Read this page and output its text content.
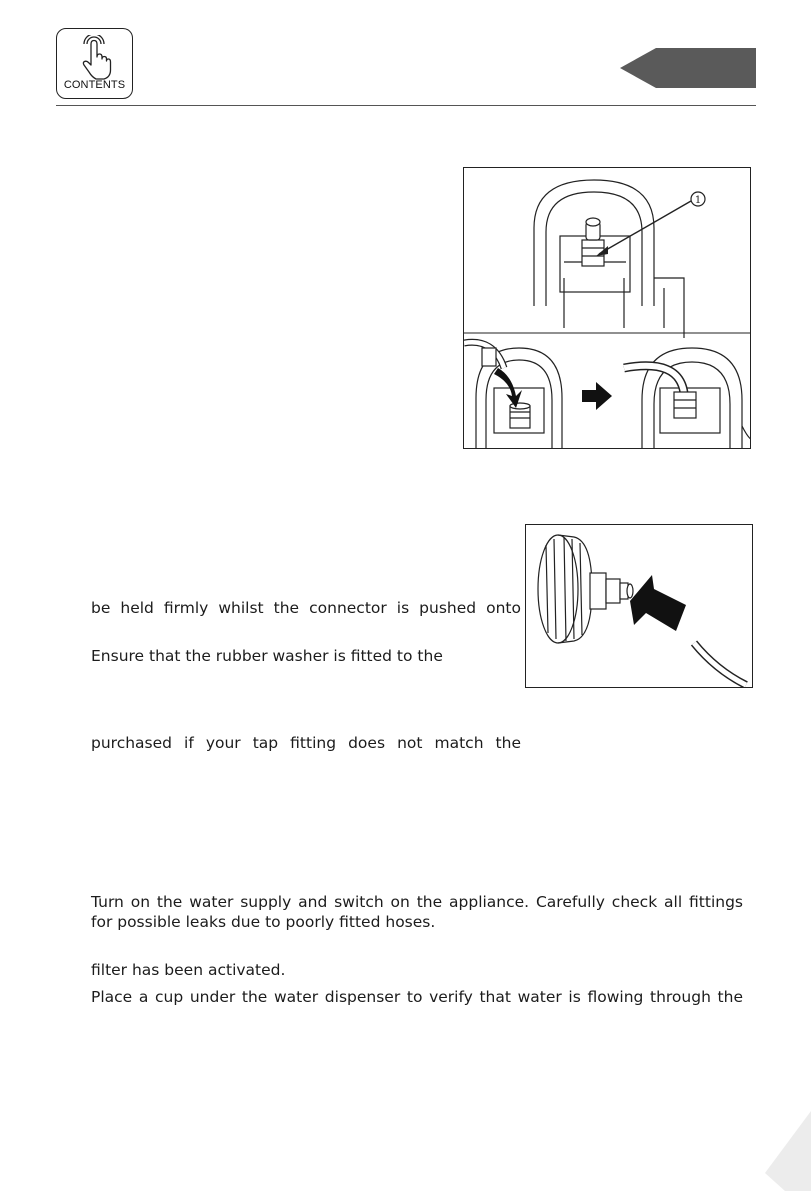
CONTENTS
1
be held firmly whilst the connector is pushed onto
Ensure that the rubber washer is fitted to the
purchased if your tap fitting does not match the
Turn on the water supply and switch on the appliance. Carefully check all fittings
for possible leaks due to poorly fitted hoses.
filter has been activated.
Place a cup under the water dispenser to verify that water is flowing through the
